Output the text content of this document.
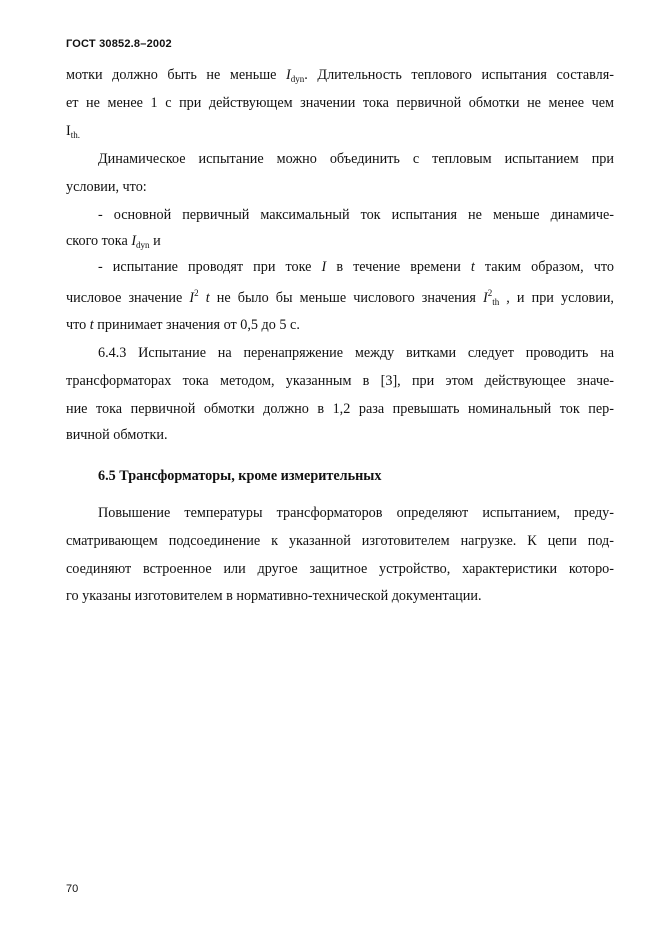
ГОСТ 30852.8–2002
мотки должно быть не меньше $I_{dyn}$. Длительность теплового испытания составля-
ет не менее 1 с при действующем значении тока первичной обмотки не менее чем
$I_{th.}$
Динамическое испытание можно объединить с тепловым испытанием при
условии, что:
- основной первичный максимальный ток испытания не меньше динамиче-
ского тока $I_{dyn}$ и
- испытание проводят при токе I в течение времени t таким образом, что
числовое значение $I^2$ t не было бы меньше числового значения $I^2_{th}$ , и при условии,
что t принимает значения от 0,5 до 5 с.
6.4.3 Испытание на перенапряжение между витками следует проводить на
трансформаторах тока методом, указанным в [3], при этом действующее значе-
ние тока первичной обмотки должно в 1,2 раза превышать номинальный ток пер-
вичной обмотки.
6.5 Трансформаторы, кроме измерительных
Повышение температуры трансформаторов определяют испытанием, преду-
сматривающем подсоединение к указанной изготовителем нагрузке. К цепи под-
соединяют встроенное или другое защитное устройство, характеристики которо-
го указаны изготовителем в нормативно-технической документации.
70
